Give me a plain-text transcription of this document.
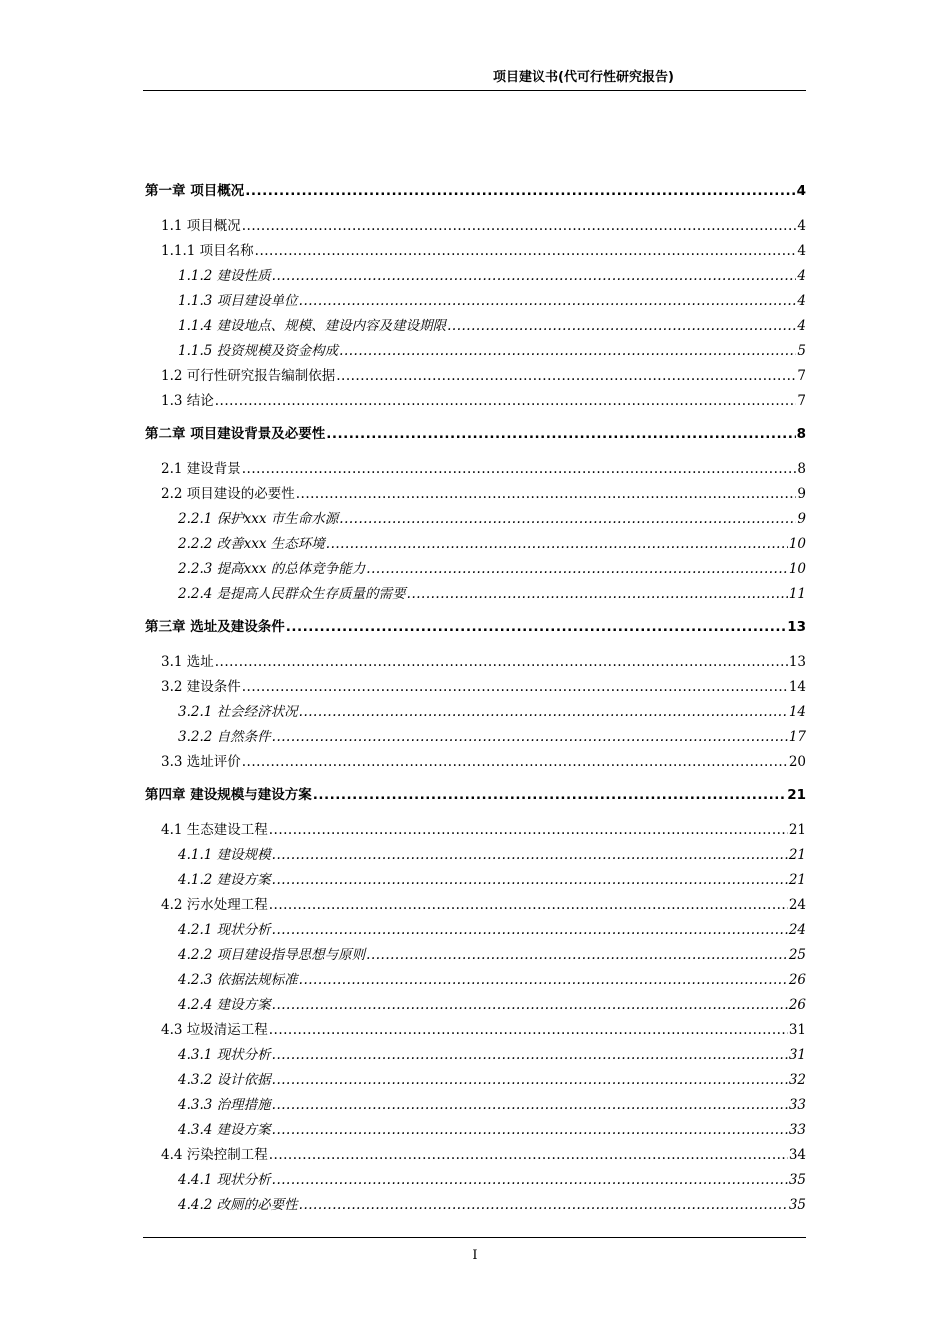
项目建议书(代可行性研究报告)
第一章 项目概况 .....	4
1.1 项目概况 .....	4
1.1.1 项目名称 .....	4
1.1.2 建设性质 .....	4
1.1.3 项目建设单位 .....	4
1.1.4 建设地点、规模、建设内容及建设期限 .....	4
1.1.5 投资规模及资金构成 .....	5
1.2 可行性研究报告编制依据 .....	7
1.3 结论 .....	7
第二章 项目建设背景及必要性 .....	8
2.1 建设背景 .....	8
2.2 项目建设的必要性 .....	9
2.2.1 保护xxx 市生命水源 .....	9
2.2.2 改善xxx 生态环境 .....	10
2.2.3 提高xxx 的总体竞争能力 .....	10
2.2.4 是提高人民群众生存质量的需要 .....	11
第三章 选址及建设条件 .....	13
3.1 选址 .....	13
3.2 建设条件 .....	14
3.2.1 社会经济状况 .....	14
3.2.2 自然条件 .....	17
3.3 选址评价 .....	20
第四章 建设规模与建设方案 .....	21
4.1 生态建设工程 .....	21
4.1.1 建设规模 .....	21
4.1.2 建设方案 .....	21
4.2 污水处理工程 .....	24
4.2.1 现状分析 .....	24
4.2.2 项目建设指导思想与原则 .....	25
4.2.3 依据法规标准 .....	26
4.2.4 建设方案 .....	26
4.3 垃圾清运工程 .....	31
4.3.1 现状分析 .....	31
4.3.2 设计依据 .....	32
4.3.3 治理措施 .....	33
4.3.4 建设方案 .....	33
4.4 污染控制工程 .....	34
4.4.1 现状分析 .....	35
4.4.2 改厕的必要性 .....	35
I
